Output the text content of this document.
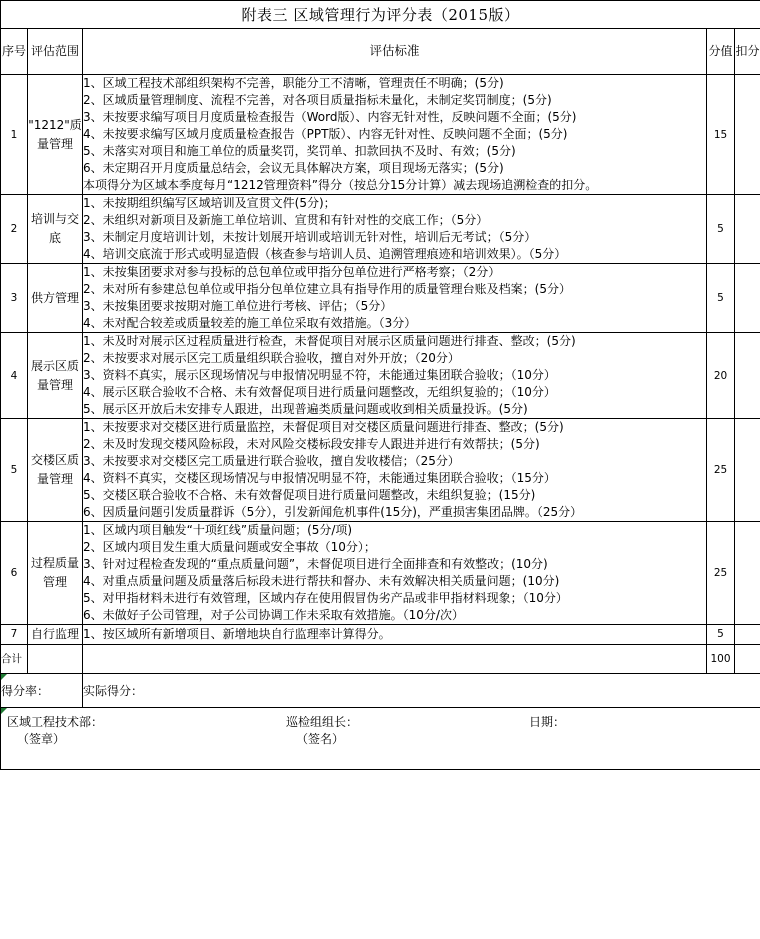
附表三 区域管理行为评分表（2015版）				
序号	评估范围	评估标准	分值	扣分
1	"1212"质量管理	
1、区域工程技术部组织架构不完善，职能分工不清晰，管理责任不明确；(5分)
2、区域质量管理制度、流程不完善，对各项目质量指标未量化，未制定奖罚制度；(5分)
3、未按要求编写项目月度质量检查报告（Word版）、内容无针对性，反映问题不全面；(5分)
4、未按要求编写区域月度质量检查报告（PPT版）、内容无针对性、反映问题不全面；(5分)
5、未落实对项目和施工单位的质量奖罚，奖罚单、扣款回执不及时、有效；(5分)
6、未定期召开月度质量总结会，会议无具体解决方案，项目现场无落实；(5分)
本项得分为区域本季度每月“1212管理资料”得分（按总分15分计算）减去现场追溯检查的扣分。
	15	
2	培训与交底	1、未按期组织编写区域培训及宣贯文件(5分)；
2、未组织对新项目及新施工单位培训、宣贯和有针对性的交底工作；（5分）
3、未制定月度培训计划，未按计划展开培训或培训无针对性，培训后无考试；（5分）
4、培训交底流于形式或明显造假（核查参与培训人员、追溯管理痕迹和培训效果）。（5分）	5	
3	供方管理	1、未按集团要求对参与投标的总包单位或甲指分包单位进行严格考察；（2分）
2、未对所有参建总包单位或甲指分包单位建立具有指导作用的质量管理台账及档案；(5分）
3、未按集团要求按期对施工单位进行考核、评估；（5分）
4、未对配合较差或质量较差的施工单位采取有效措施。（3分）	5	
4	展示区质量管理	1、未及时对展示区过程质量进行检查，未督促项目对展示区质量问题进行排查、整改；(5分)
2、未按要求对展示区完工质量组织联合验收，擅自对外开放；（20分）
3、资料不真实，展示区现场情况与申报情况明显不符，未能通过集团联合验收；（10分）
4、展示区联合验收不合格、未有效督促项目进行质量问题整改，无组织复验的；（10分）
5、展示区开放后未安排专人跟进，出现普遍类质量问题或收到相关质量投诉。(5分)	20	
5	交楼区质量管理	
1、未按要求对交楼区进行质量监控，未督促项目对交楼区质量问题进行排查、整改；(5分)
2、未及时发现交楼风险标段，未对风险交楼标段安排专人跟进并进行有效帮扶；(5分)
3、未按要求对交楼区完工质量进行联合验收，擅自发收楼信；（25分）
4、资料不真实，交楼区现场情况与申报情况明显不符，未能通过集团联合验收；（15分）
5、交楼区联合验收不合格、未有效督促项目进行质量问题整改，未组织复验；(15分)
6、因质量问题引发质量群诉（5分），引发新闻危机事件(15分)，严重损害集团品牌。（25分）
	25	
6	过程质量管理	
1、区域内项目触发“十项红线”质量问题；(5分/项)
2、区域内项目发生重大质量问题或安全事故（10分）；
3、针对过程检查发现的“重点质量问题”，未督促项目进行全面排查和有效整改；(10分)
4、对重点质量问题及质量落后标段未进行帮扶和督办、未有效解决相关质量问题；(10分)
5、对甲指材料未进行有效管理，区域内存在使用假冒伪劣产品或非甲指材料现象；（10分）
6、未做好子公司管理，对子公司协调工作未采取有效措施。（10分/次）
	25	
7	自行监理	1、按区域所有新增项目、新增地块自行监理率计算得分。	5	
合计			100	

得分率：		实际得分：		

区域工程技术部：
（签章）
巡检组组长：
（签名）
日期：				
